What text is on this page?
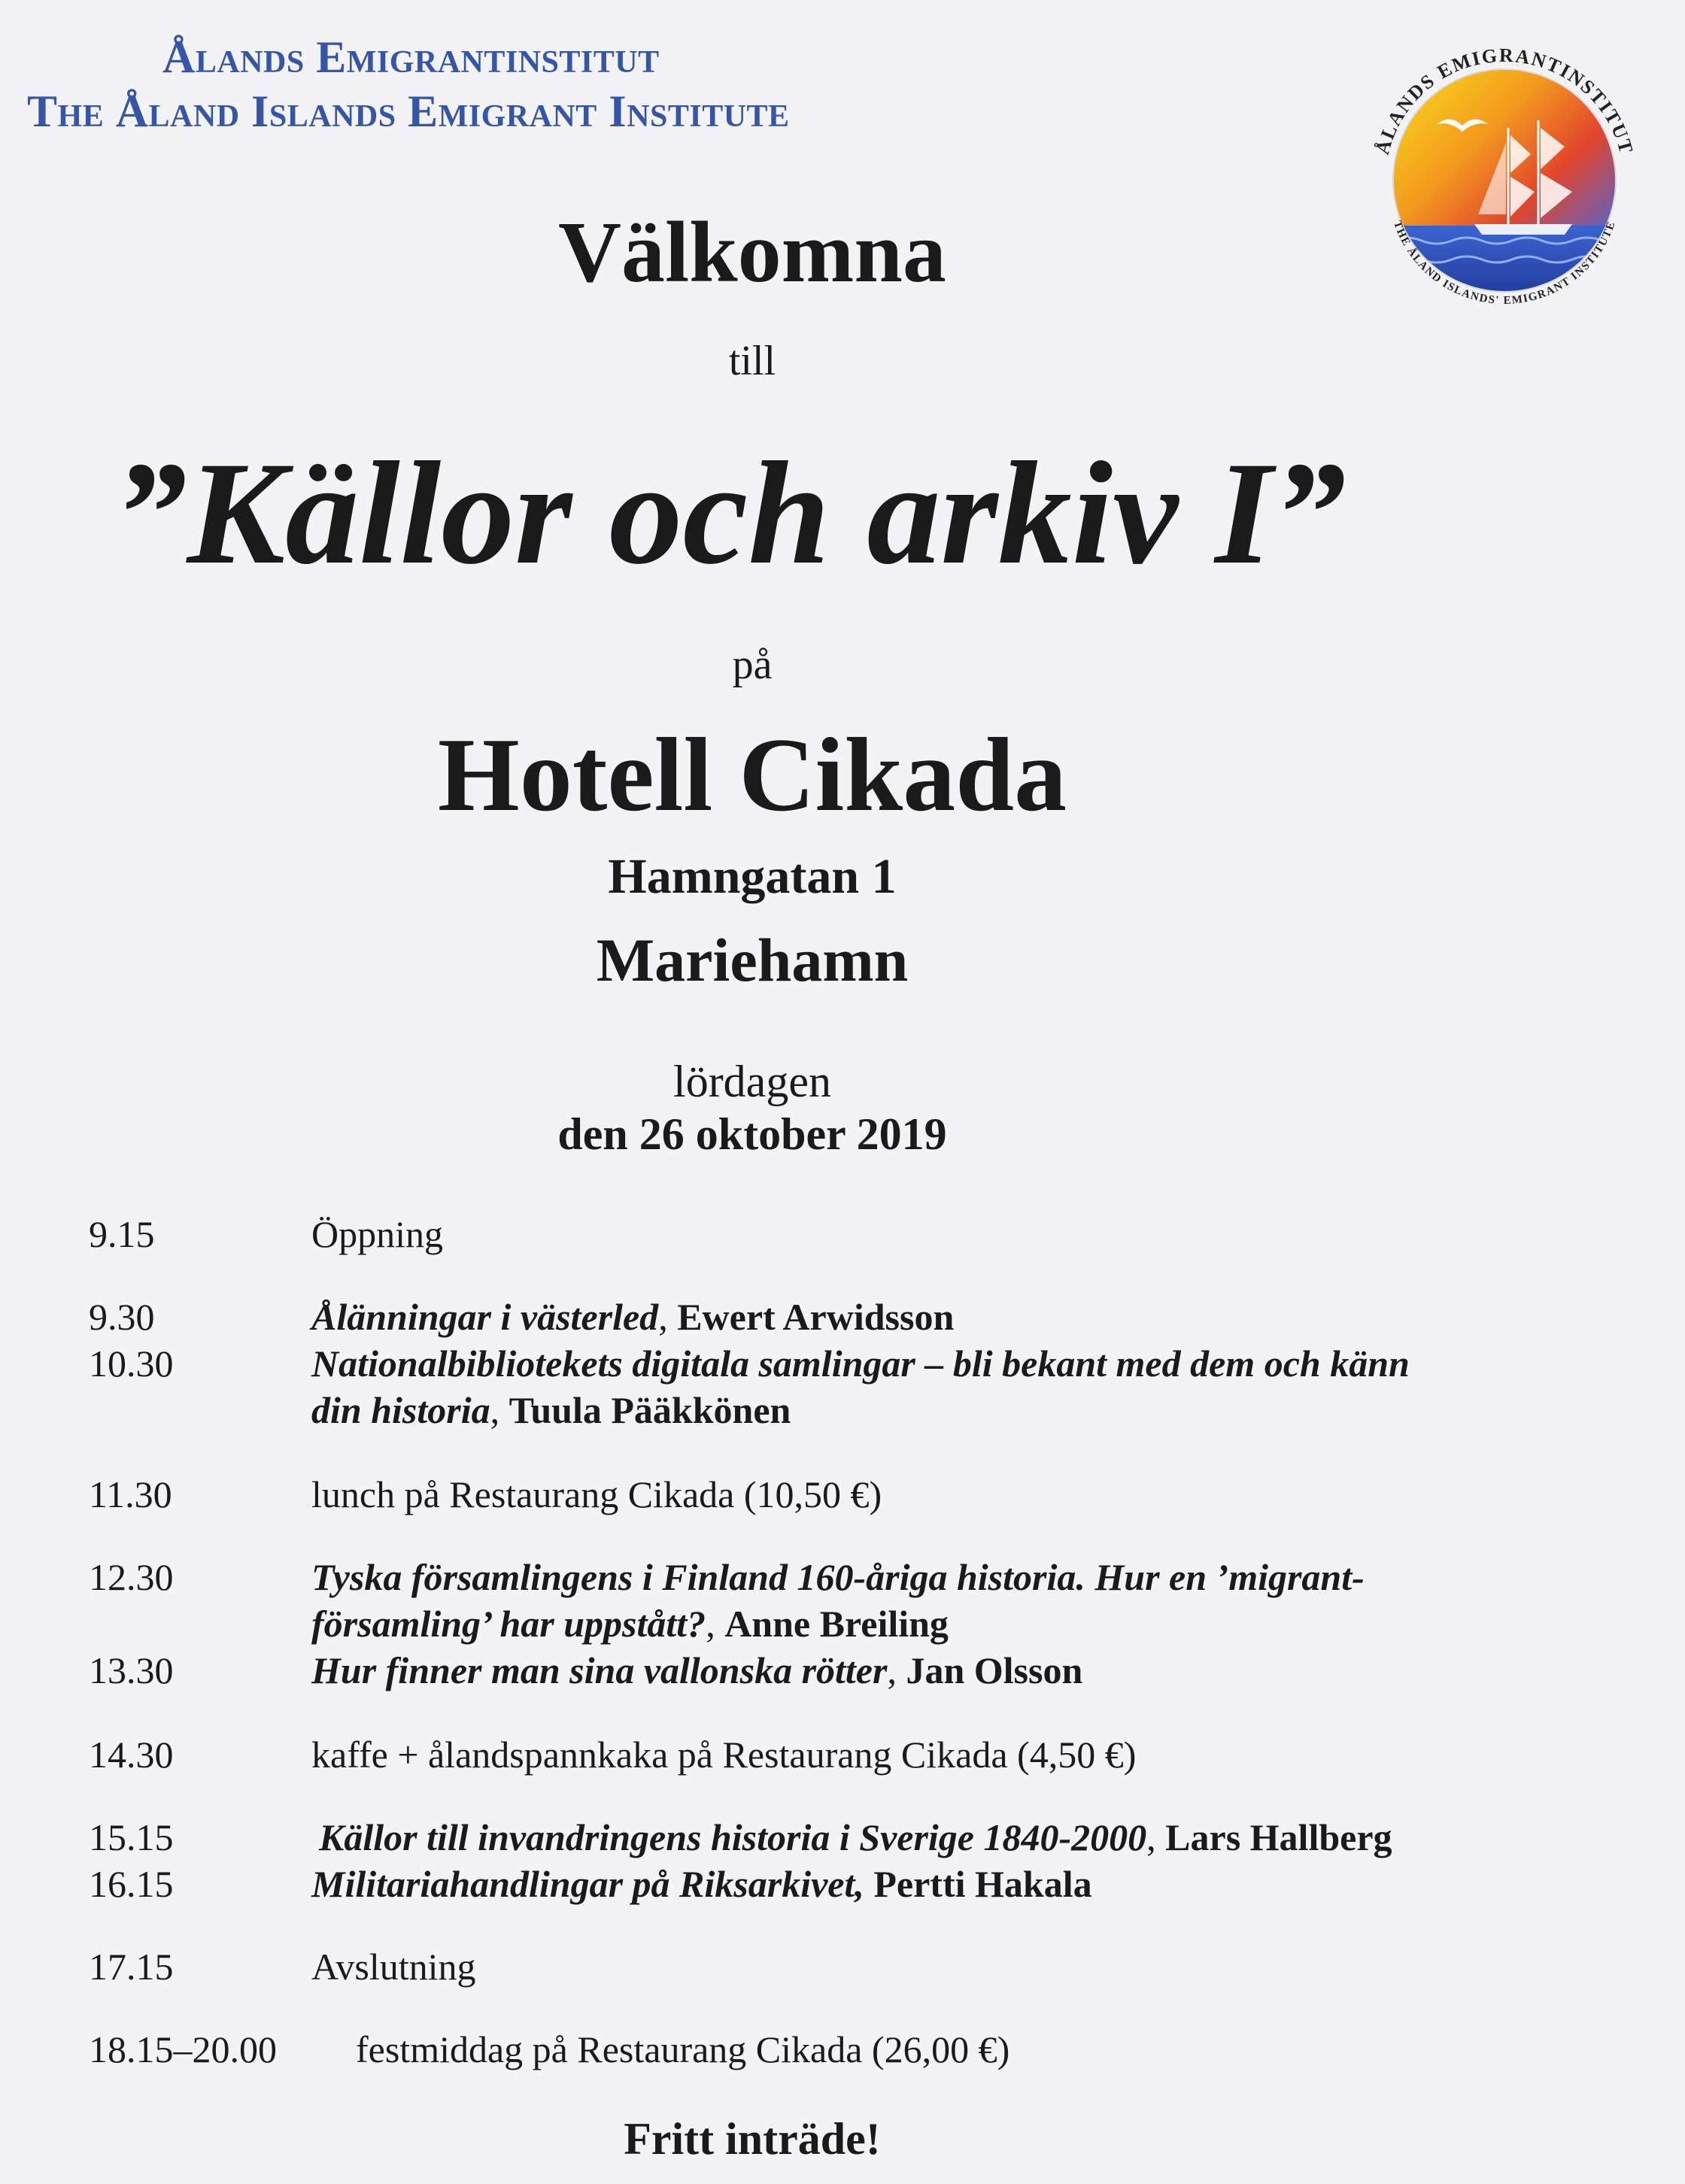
Ålands Emigrantinstitut
The Åland Islands Emigrant Institute
ÅLANDS EMIGRANTINSTITUT
THE ÅLAND ISLANDS' EMIGRANT INSTITUTE
Välkomna
till
”Källor och arkiv I”
på
Hotell Cikada
Hamngatan 1
Mariehamn
lördagen
den 26 oktober 2019
9.15	Öppning
9.30	Ålänningar i västerled, Ewert Arwidsson
10.30	Nationalbibliotekets digitala samlingar – bli bekant med dem och känn
din historia, Tuula Pääkkönen
11.30	lunch på Restaurang Cikada (10,50 €)
12.30	Tyska församlingens i Finland 160-åriga historia. Hur en ’migrant-
församling’ har uppstått?, Anne Breiling
13.30	Hur finner man sina vallonska rötter, Jan Olsson
14.30	kaffe + ålandspannkaka på Restaurang Cikada (4,50 €)
15.15	Källor till invandringens historia i Sverige 1840-2000, Lars Hallberg
16.15	Militariahandlingar på Riksarkivet, Pertti Hakala
17.15	Avslutning
18.15–20.00	festmiddag på Restaurang Cikada (26,00 €)
Fritt inträde!
